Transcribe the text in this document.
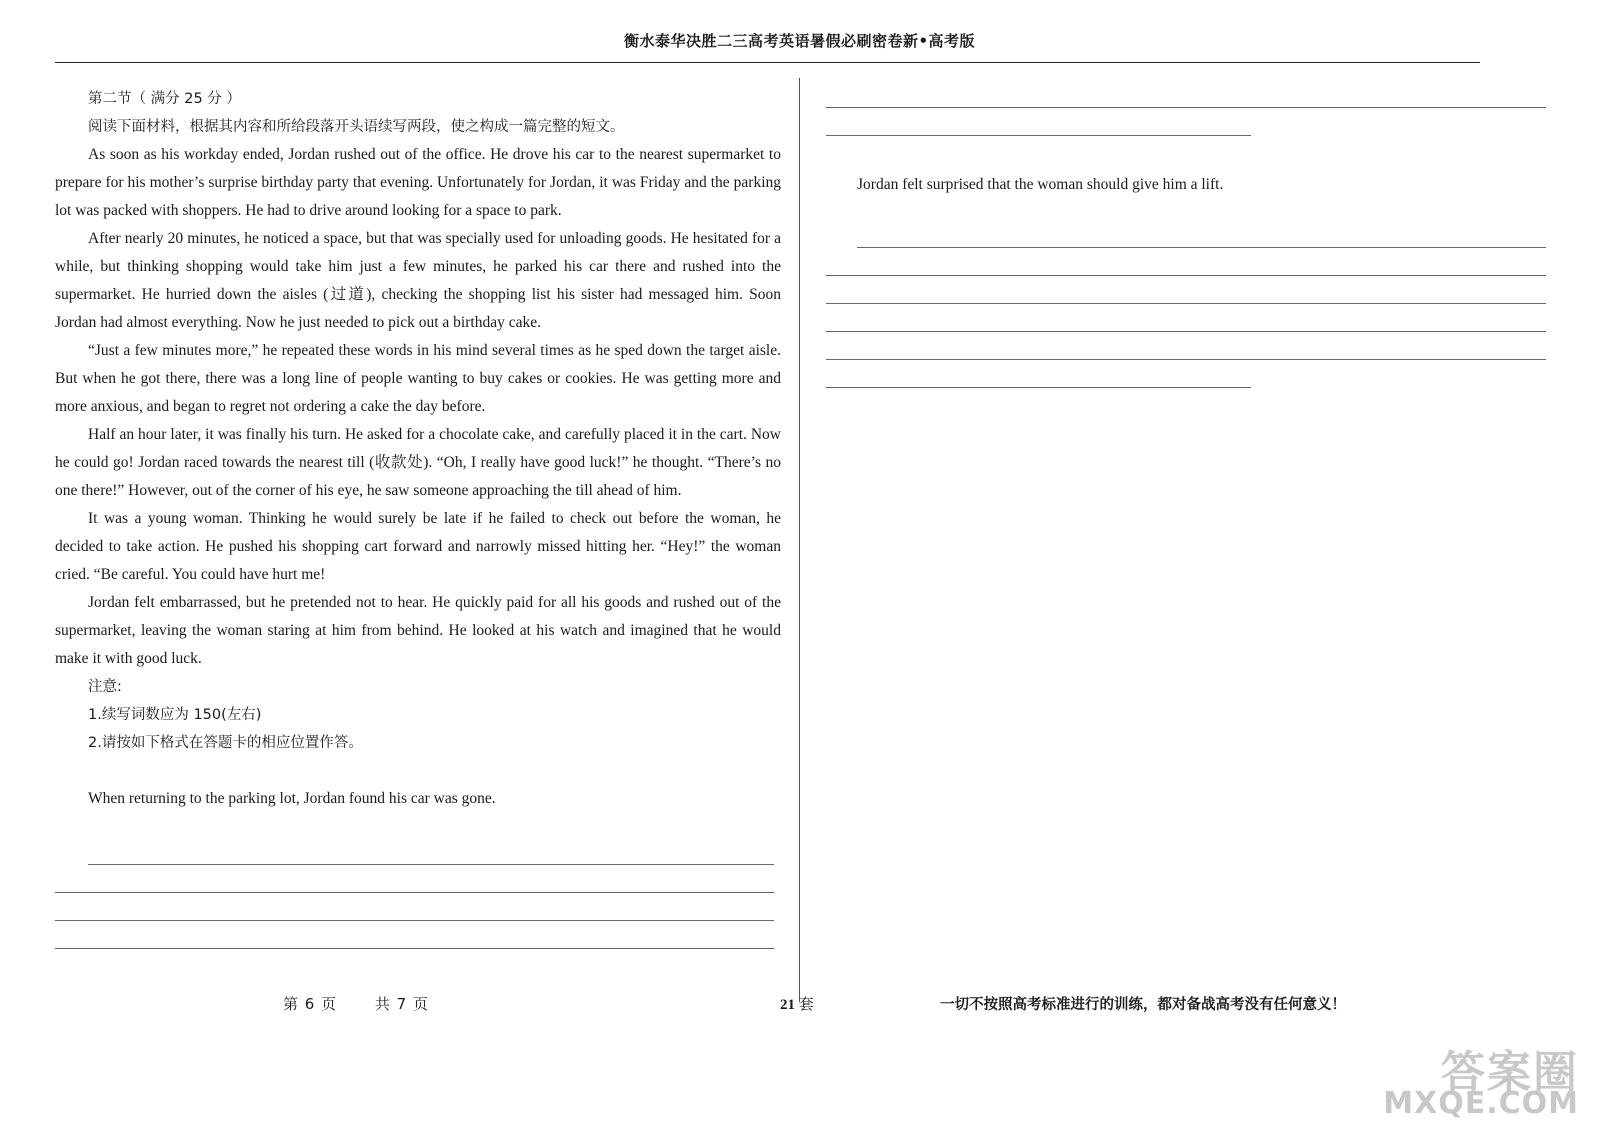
衡水泰华决胜二三高考英语暑假必刷密卷新•高考版

第二节（ 满分 25 分 ）

阅读下面材料，根据其内容和所给段落开头语续写两段，使之构成一篇完整的短文。

As soon as his workday ended, Jordan rushed out of the office. He drove his car to the nearest supermarket to prepare for his mother’s surprise birthday party that evening. Unfortunately for Jordan, it was Friday and the parking lot was packed with shoppers. He had to drive around looking for a space to park.

After nearly 20 minutes, he noticed a space, but that was specially used for unloading goods. He hesitated for a while, but thinking shopping would take him just a few minutes, he parked his car there and rushed into the supermarket. He hurried down the aisles (过道), checking the shopping list his sister had messaged him. Soon Jordan had almost everything. Now he just needed to pick out a birthday cake.

“Just a few minutes more,” he repeated these words in his mind several times as he sped down the target aisle. But when he got there, there was a long line of people wanting to buy cakes or cookies. He was getting more and more anxious, and began to regret not ordering a cake the day before.

Half an hour later, it was finally his turn. He asked for a chocolate cake, and carefully placed it in the cart. Now he could go! Jordan raced towards the nearest till (收款处). “Oh, I really have good luck!” he thought. “There’s no one there!” However, out of the corner of his eye, he saw someone approaching the till ahead of him.

It was a young woman. Thinking he would surely be late if he failed to check out before the woman, he decided to take action. He pushed his shopping cart forward and narrowly missed hitting her. “Hey!” the woman cried. “Be careful. You could have hurt me!

Jordan felt embarrassed, but he pretended not to hear. He quickly paid for all his goods and rushed out of the supermarket, leaving the woman staring at him from behind. He looked at his watch and imagined that he would make it with good luck.

注意:

1.续写词数应为 150(左右)

2.请按如下格式在答题卡的相应位置作答。

When returning to the parking lot, Jordan found his car was gone.

Jordan felt surprised that the woman should give him a lift.
第 6 页	共 7 页	21 套	一切不按照高考标准进行的训练，都对备战高考没有任何意义！
答案圈
MXQE.COM
